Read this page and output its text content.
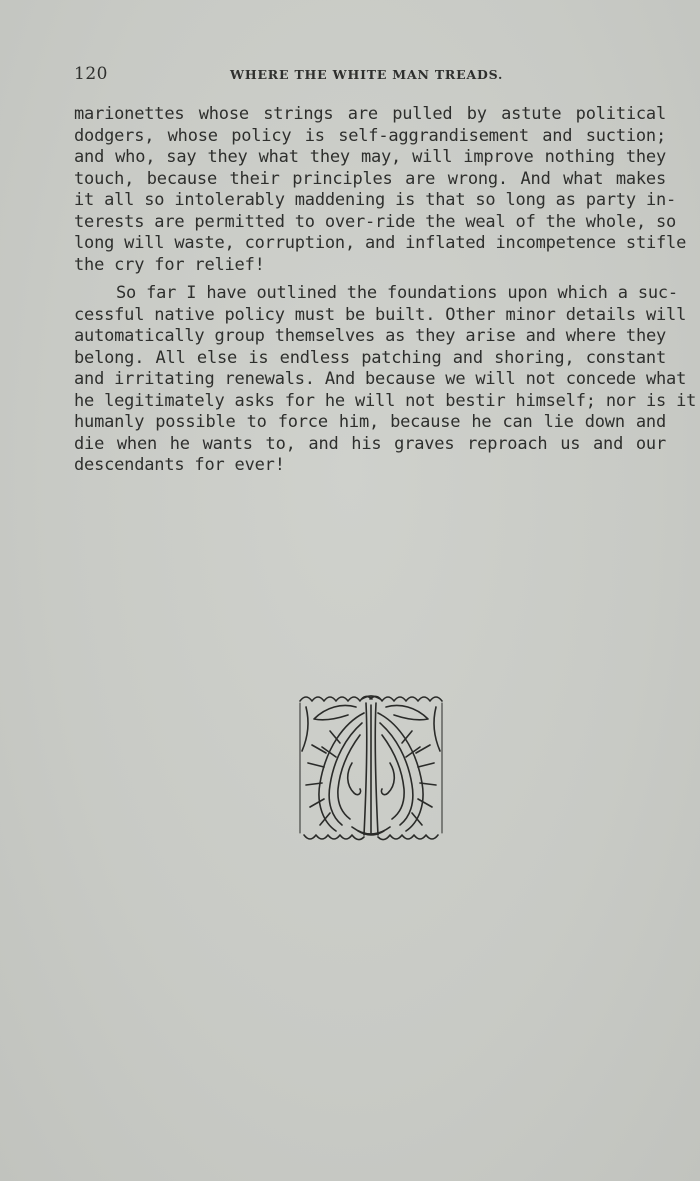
120	WHERE THE WHITE MAN TREADS.
marionettes whose strings are pulled by astute political
dodgers, whose policy is self-aggrandisement and suction;
and who, say they what they may, will improve nothing they
touch, because their principles are wrong. And what makes
it all so intolerably maddening is that so long as party in-
terests are permitted to over-ride the weal of the whole, so
long will waste, corruption, and inflated incompetence stifle
the cry for relief!
So far I have outlined the foundations upon which a suc-
cessful native policy must be built. Other minor details will
automatically group themselves as they arise and where they
belong. All else is endless patching and shoring, constant
and irritating renewals. And because we will not concede what
he legitimately asks for he will not bestir himself; nor is it
humanly possible to force him, because he can lie down and
die when he wants to, and his graves reproach us and our
descendants for ever!
